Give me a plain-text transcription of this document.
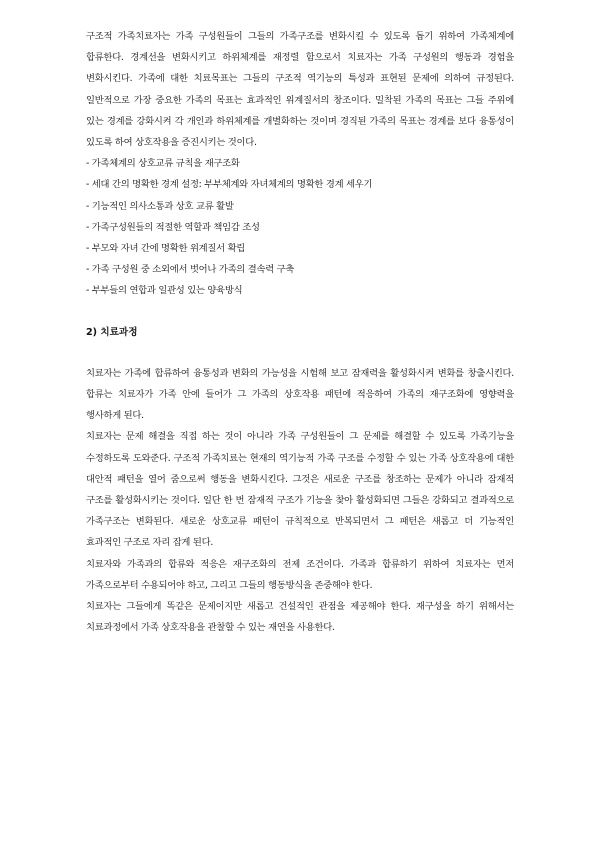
구조적 가족치료자는 가족 구성원들이 그들의 가족구조를 변화시킬 수 있도록 돕기 위하여 가족체계에 합류한다. 경계선을 변화시키고 하위체계를 재정렬 함으로서 치료자는 가족 구성원의 행동과 경험을 변화시킨다. 가족에 대한 치료목표는 그들의 구조적 역기능의 특성과 표현된 문제에 의하여 규정된다. 일반적으로 가장 중요한 가족의 목표는 효과적인 위계질서의 창조이다. 밀착된 가족의 목표는 그들 주위에 있는 경계를 강화시켜 각 개인과 하위체계를 개별화하는 것이며 경직된 가족의 목표는 경계를 보다 융통성이 있도록 하여 상호작용을 증진시키는 것이다.

- 가족체계의 상호교류 규칙을 재구조화

- 세대 간의 명확한 경계 설정: 부부체계와 자녀체계의 명확한 경계 세우기

- 기능적인 의사소통과 상호 교류 활발

- 가족구성원들의 적절한 역할과 책임감 조성

- 부모와 자녀 간에 명확한 위계질서 확립

- 가족 구성원 중 소외에서 벗어나 가족의 결속력 구축

- 부부들의 연합과 일관성 있는 양육방식

2) 치료과정

치료자는 가족에 합류하여 융통성과 변화의 가능성을 시험해 보고 잠재력을 활성화시켜 변화를 창출시킨다. 합류는 치료자가 가족 안에 들어가 그 가족의 상호작용 패턴에 적응하여 가족의 재구조화에 영향력을 행사하게 된다.

치료자는 문제 해결을 직접 하는 것이 아니라 가족 구성원들이 그 문제를 해결할 수 있도록 가족기능을 수정하도록 도와준다. 구조적 가족치료는 현재의 역기능적 가족 구조를 수정할 수 있는 가족 상호작용에 대한 대안적 패턴을 열어 줌으로써 행동을 변화시킨다. 그것은 새로운 구조를 창조하는 문제가 아니라 잠재적 구조를 활성화시키는 것이다. 일단 한 번 잠재적 구조가 기능을 찾아 활성화되면 그들은 강화되고 결과적으로 가족구조는 변화된다. 새로운 상호교류 패턴이 규칙적으로 반복되면서 그 패턴은 새롭고 더 기능적인 효과적인 구조로 자리 잡게 된다.

치료자와 가족과의 합류와 적응은 재구조화의 전제 조건이다. 가족과 합류하기 위하여 치료자는 먼저 가족으로부터 수용되어야 하고, 그리고 그들의 행동방식을 존중해야 한다.

치료자는 그들에게 똑같은 문제이지만 새롭고 건설적인 관점을 제공해야 한다. 재구성을 하기 위해서는 치료과정에서 가족 상호작용을 관찰할 수 있는 재연을 사용한다.
